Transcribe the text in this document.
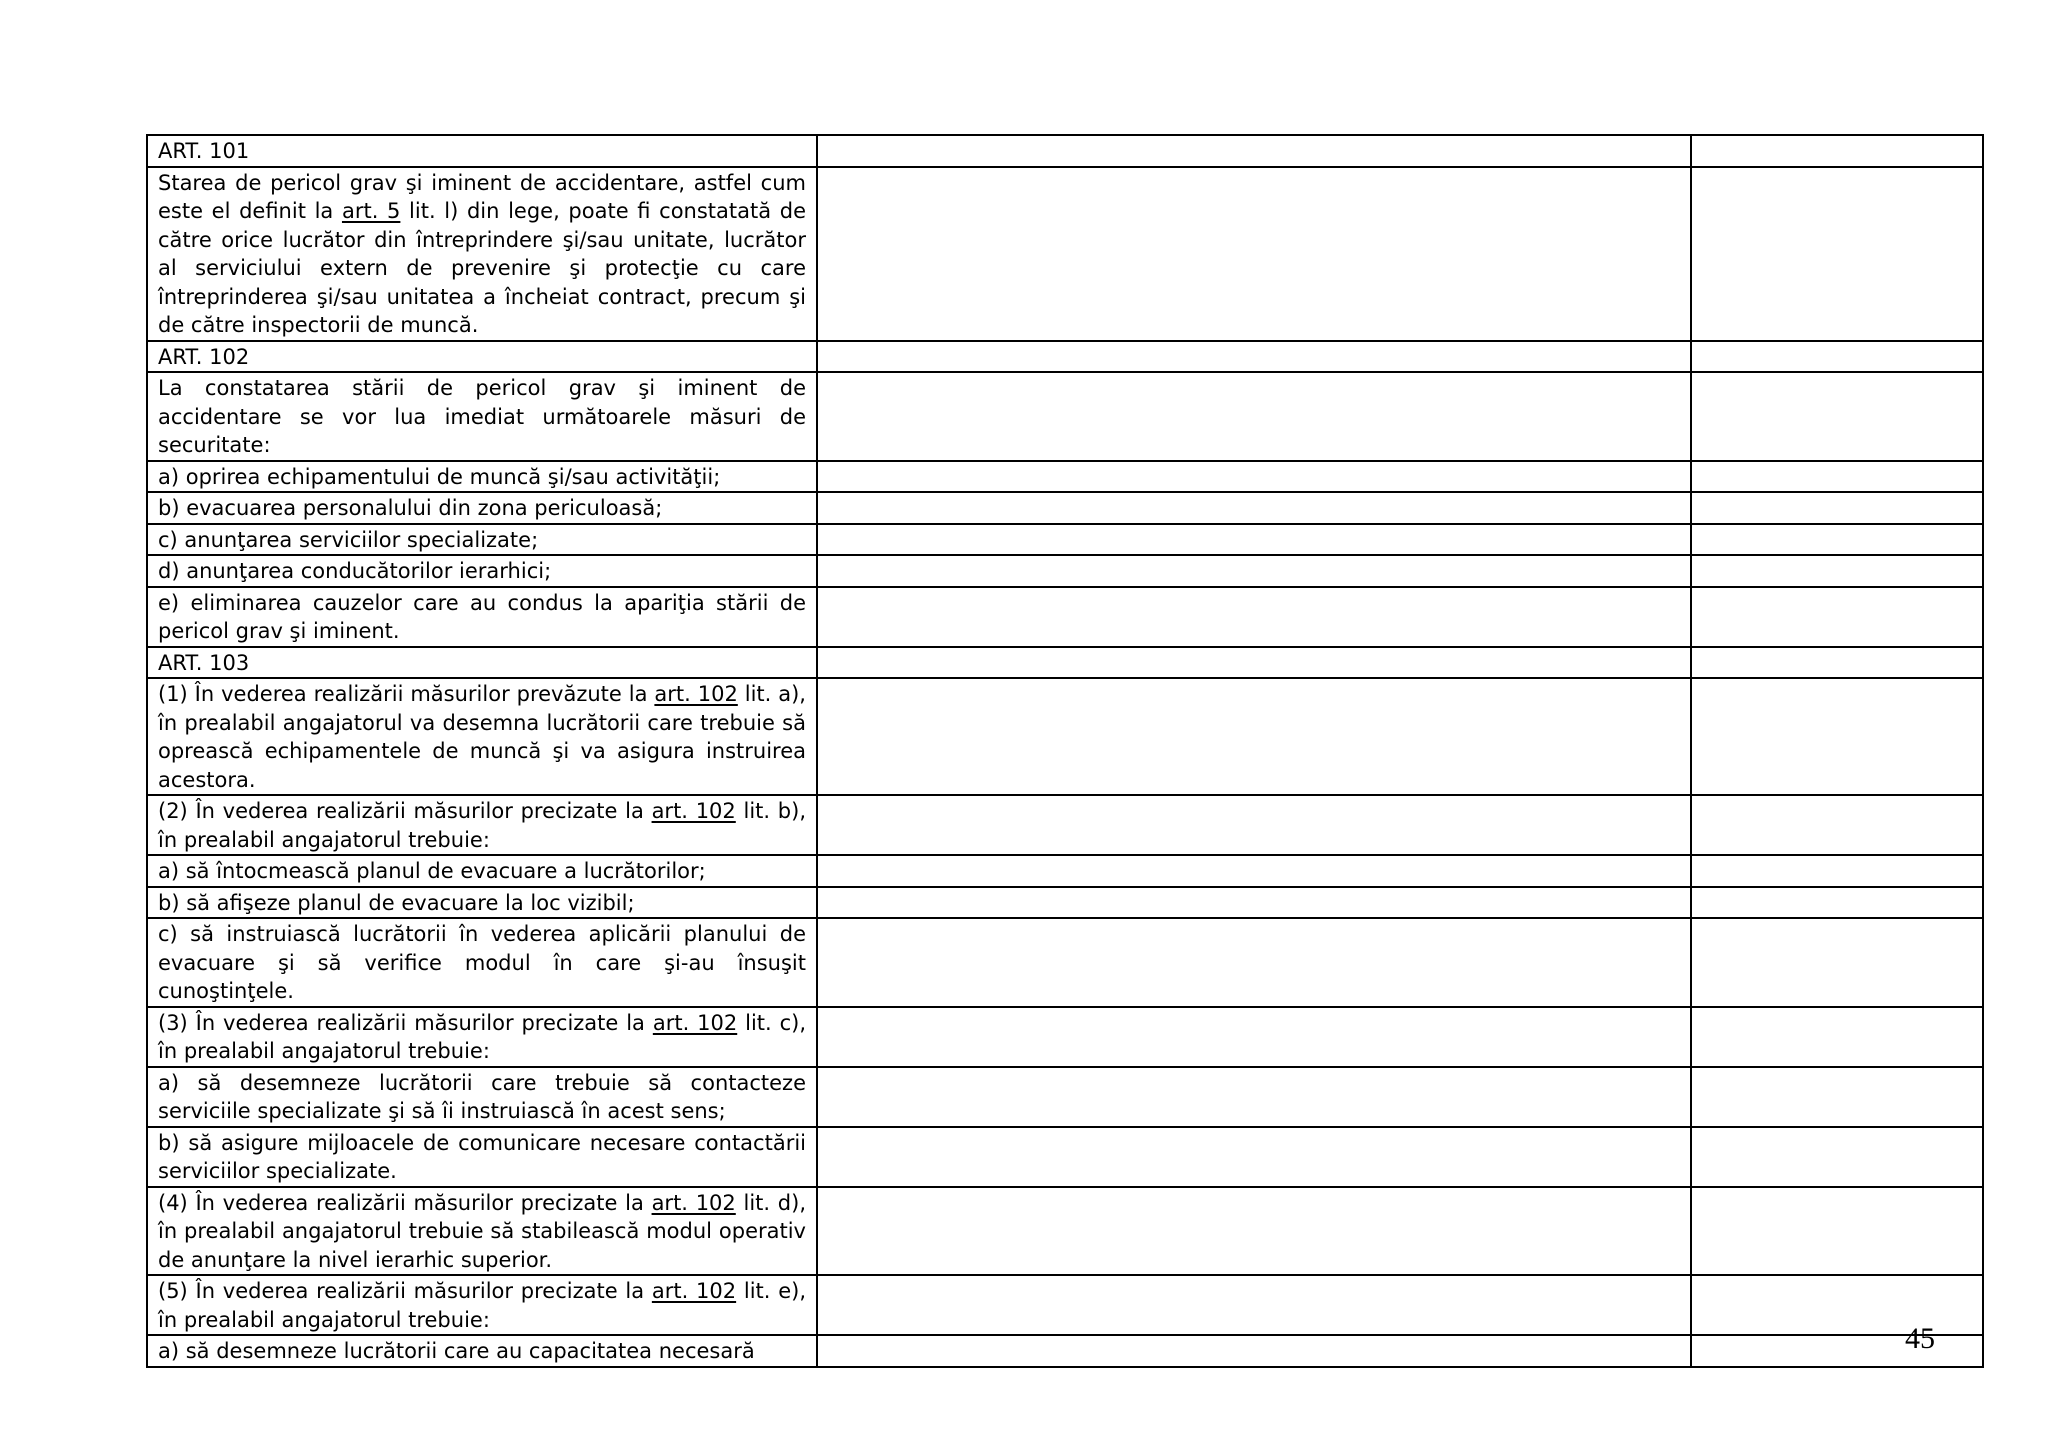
ART. 101		
Starea de pericol grav şi iminent de accidentare, astfel cum este el definit la art. 5 lit. l) din lege, poate fi constatată de către orice lucrător din întreprindere şi/sau unitate, lucrător al serviciului extern de prevenire şi protecţie cu care întreprinderea şi/sau unitatea a încheiat contract, precum şi de către inspectorii de muncă.		
ART. 102		
La constatarea stării de pericol grav şi iminent de accidentare se vor lua imediat următoarele măsuri de securitate:		
a) oprirea echipamentului de muncă şi/sau activităţii;		
b) evacuarea personalului din zona periculoasă;		
c) anunţarea serviciilor specializate;		
d) anunţarea conducătorilor ierarhici;		
e) eliminarea cauzelor care au condus la apariţia stării de pericol grav şi iminent.		
ART. 103		
(1) În vederea realizării măsurilor prevăzute la art. 102 lit. a), în prealabil angajatorul va desemna lucrătorii care trebuie să oprească echipamentele de muncă şi va asigura instruirea acestora.		
(2) În vederea realizării măsurilor precizate la art. 102 lit. b), în prealabil angajatorul trebuie:		
a) să întocmească planul de evacuare a lucrătorilor;		
b) să afişeze planul de evacuare la loc vizibil;		
c) să instruiască lucrătorii în vederea aplicării planului de evacuare şi să verifice modul în care şi-au însuşit cunoştinţele.		
(3) În vederea realizării măsurilor precizate la art. 102 lit. c), în prealabil angajatorul trebuie:		
a) să desemneze lucrătorii care trebuie să contacteze serviciile specializate şi să îi instruiască în acest sens;		
b) să asigure mijloacele de comunicare necesare contactării serviciilor specializate.		
(4) În vederea realizării măsurilor precizate la art. 102 lit. d), în prealabil angajatorul trebuie să stabilească modul operativ de anunţare la nivel ierarhic superior.		
(5) În vederea realizării măsurilor precizate la art. 102 lit. e), în prealabil angajatorul trebuie:		
a) să desemneze lucrătorii care au capacitatea necesară			45
